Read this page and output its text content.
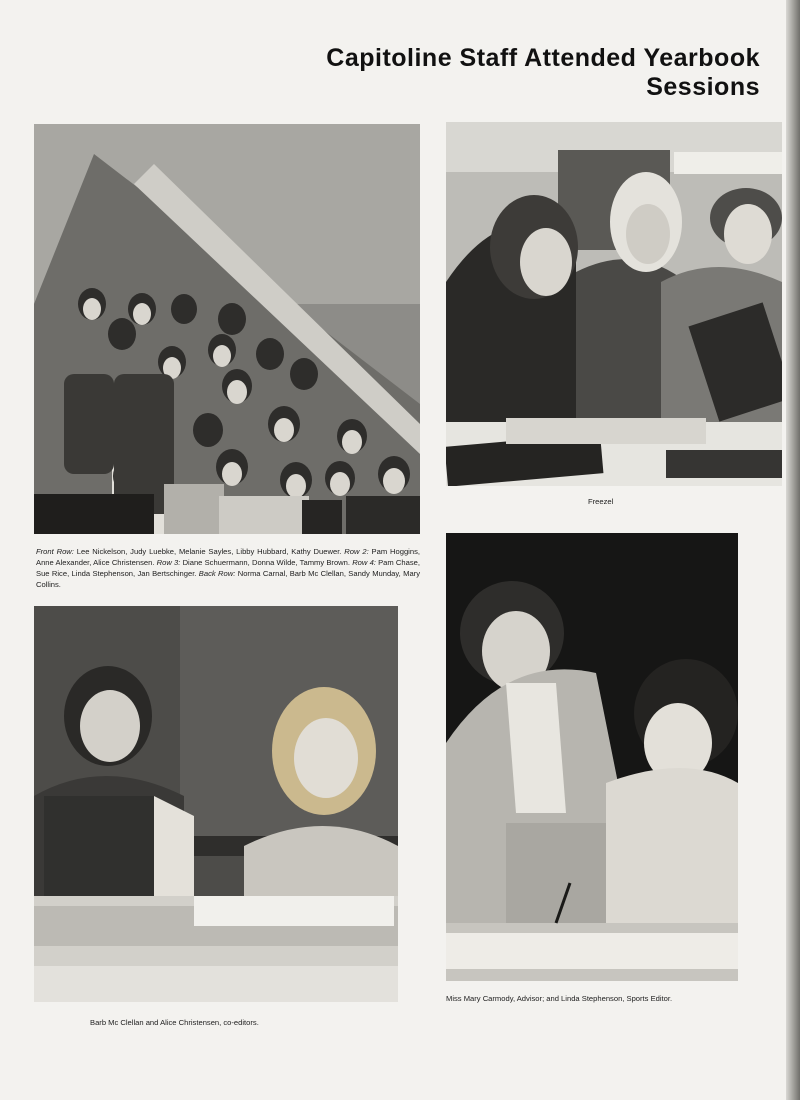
Capitoline Staff Attended Yearbook Sessions
Front Row: Lee Nickelson, Judy Luebke, Melanie Sayles, Libby Hubbard, Kathy Duewer. Row 2: Pam Hoggins, Anne Alexander, Alice Christensen. Row 3: Diane Schuermann, Donna Wilde, Tammy Brown. Row 4: Pam Chase, Sue Rice, Linda Stephenson, Jan Bertschinger. Back Row: Norma Carnal, Barb Mc Clellan, Sandy Munday, Mary Collins.
Freezel
Barb Mc Clellan and Alice Christensen, co-editors.
Miss Mary Carmody, Advisor; and Linda Stephenson, Sports Editor.
